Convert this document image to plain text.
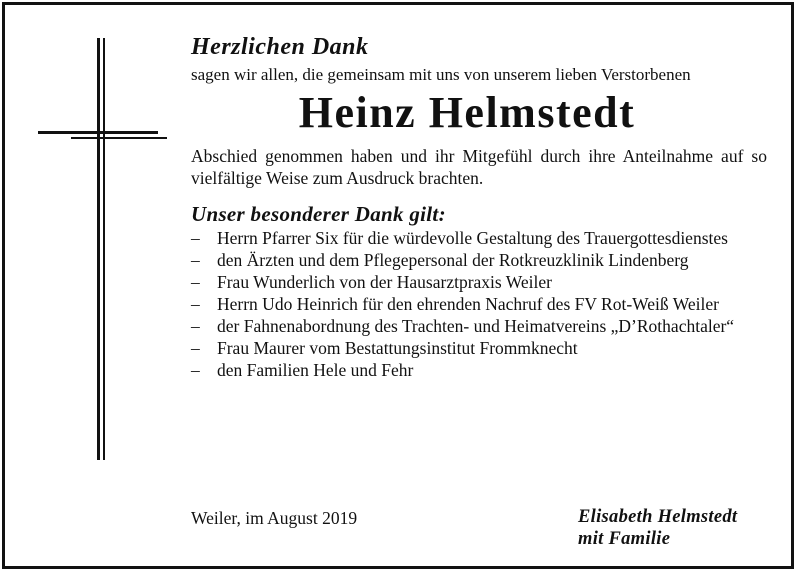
Herzlichen Dank

sagen wir allen, die gemeinsam mit uns von unserem lieben Verstorbenen

Heinz Helmstedt

Abschied genommen haben und ihr Mitgefühl durch ihre Anteilnahme auf so vielfältige Weise zum Ausdruck brachten.

Unser besonderer Dank gilt:

– Herrn Pfarrer Six für die würdevolle Gestaltung des Trauergottesdienstes
– den Ärzten und dem Pflegepersonal der Rotkreuzklinik Lindenberg
– Frau Wunderlich von der Hausarztpraxis Weiler
– Herrn Udo Heinrich für den ehrenden Nachruf des FV Rot-Weiß Weiler
– der Fahnenabordnung des Trachten- und Heimatvereins „D’Rothachtaler“
– Frau Maurer vom Bestattungsinstitut Frommknecht
– den Familien Hele und Fehr

Weiler, im August 2019	Elisabeth Helmstedt
mit Familie
